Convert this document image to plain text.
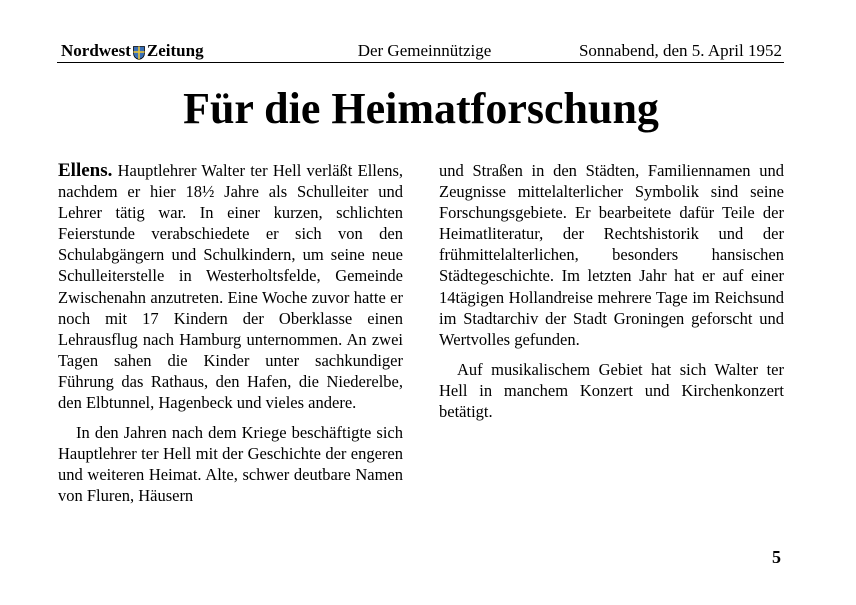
Nordwest Zeitung	Der Gemeinnützige	Sonnabend, den 5. April 1952
Für die Heimatforschung

Ellens. Hauptlehrer Walter ter Hell verläßt Ellens, nachdem er hier 18½ Jahre als Schulleiter und Lehrer tätig war. In einer kurzen, schlichten Feierstunde verabschiedete er sich von den Schulabgängern und Schulkindern, um seine neue Schulleiterstelle in Westerholtsfelde, Gemeinde Zwischenahn anzutreten. Eine Woche zuvor hatte er noch mit 17 Kindern der Oberklasse einen Lehrausflug nach Hamburg unternommen. An zwei Tagen sahen die Kinder unter sachkundiger Führung das Rathaus, den Hafen, die Niederelbe, den Elbtunnel, Hagenbeck und vieles andere.

In den Jahren nach dem Kriege beschäftigte sich Hauptlehrer ter Hell mit der Geschichte der engeren und weiteren Heimat. Alte, schwer deutbare Namen von Fluren, Häusern

und Straßen in den Städten, Familiennamen und Zeugnisse mittelalterlicher Symbolik sind seine Forschungsgebiete. Er bearbeitete dafür Teile der Heimatliteratur, der Rechtshistorik und der frühmittelalterlichen, besonders hansischen Städtegeschichte. Im letzten Jahr hat er auf einer 14tägigen Hollandreise mehrere Tage im Reichsund im Stadtarchiv der Stadt Groningen geforscht und Wertvolles gefunden.

Auf musikalischem Gebiet hat sich Walter ter Hell in manchem Konzert und Kirchenkonzert betätigt.

5
